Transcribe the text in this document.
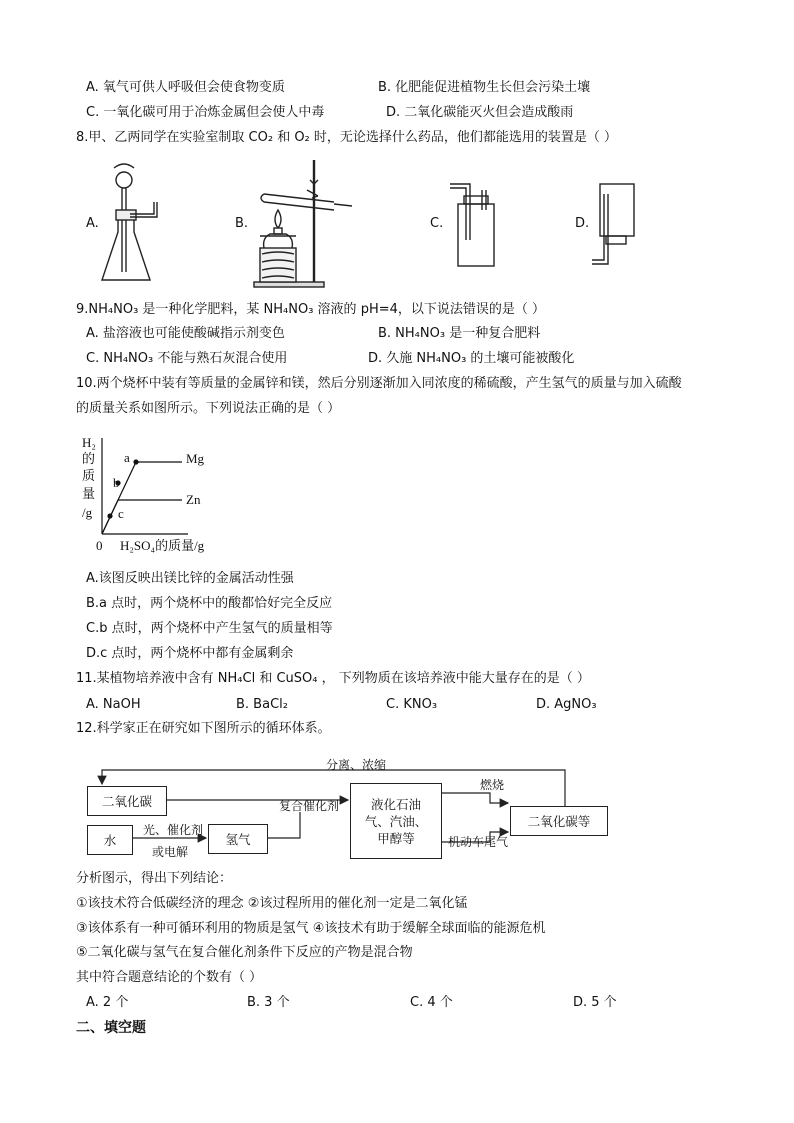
A. 氧气可供人呼吸但会使食物变质	B. 化肥能促进植物生长但会污染土壤
C. 一氧化碳可用于冶炼金属但会使人中毒	D. 二氧化碳能灭火但会造成酸雨
8.甲、乙两同学在实验室制取 CO₂ 和 O₂ 时，无论选择什么药品，他们都能选用的装置是（ ）
A.	B.	C.	D.
9.NH₄NO₃ 是一种化学肥料，某 NH₄NO₃ 溶液的 pH=4，以下说法错误的是（ ）
A. 盐溶液也可能使酸碱指示剂变色	B. NH₄NO₃ 是一种复合肥料
C. NH₄NO₃ 不能与熟石灰混合使用	D. 久施 NH₄NO₃ 的土壤可能被酸化
10.两个烧杯中装有等质量的金属锌和镁，然后分别逐渐加入同浓度的稀硫酸，产生氢气的质量与加入硫酸
的质量关系如图所示。下列说法正确的是（ ）
H₂
的
质
量
/g
0 H₂SO₄的质量/g
Mg
Zn
a
b
c
A.该图反映出镁比锌的金属活动性强
B.a 点时，两个烧杯中的酸都恰好完全反应
C.b 点时，两个烧杯中产生氢气的质量相等
D.c 点时，两个烧杯中都有金属剩余
11.某植物培养液中含有 NH₄Cl 和 CuSO₄ ， 下列物质在该培养液中能大量存在的是（ ）
A. NaOH	B. BaCl₂	C. KNO₃	D. AgNO₃
12.科学家正在研究如下图所示的循环体系。
分离、浓缩
二氧化碳
水
光、催化剂
或电解
氢气
复合催化剂	液化石油
气、汽油、
甲醇等
燃烧
机动车尾气
二氧化碳等
分析图示，得出下列结论：
①该技术符合低碳经济的理念 ②该过程所用的催化剂一定是二氧化锰
③该体系有一种可循环利用的物质是氢气 ④该技术有助于缓解全球面临的能源危机
⑤二氧化碳与氢气在复合催化剂条件下反应的产物是混合物
其中符合题意结论的个数有（ ）
A. 2 个	B. 3 个	C. 4 个	D. 5 个
二、填空题
